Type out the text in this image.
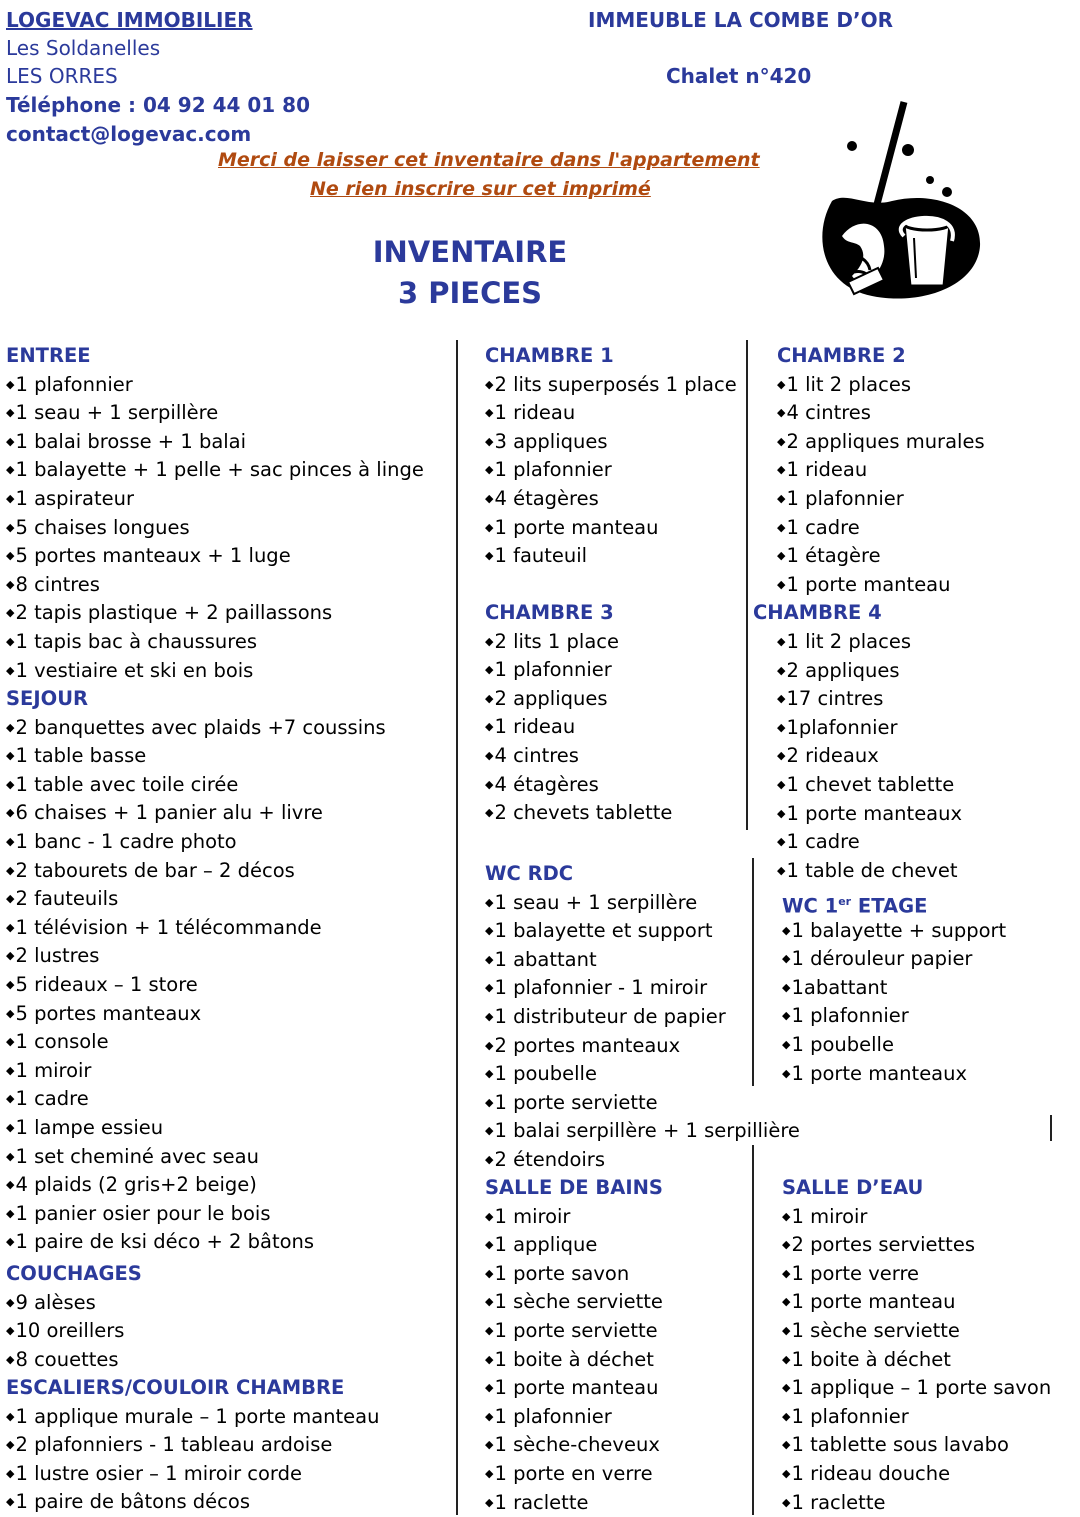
LOGEVAC IMMOBILIER
Les Soldanelles
LES ORRES
Téléphone : 04 92 44 01 80
contact@logevac.com
IMMEUBLE LA COMBE D’OR
Chalet n°420
Merci de laisser cet inventaire dans l'appartement
Ne rien inscrire sur cet imprimé
INVENTAIRE
3 PIECES
ENTREE
◆ 1 plafonnier
◆ 1 seau + 1 serpillère
◆ 1 balai brosse + 1 balai
◆ 1 balayette + 1 pelle + sac pinces à linge
◆ 1 aspirateur
◆ 5 chaises longues
◆ 5 portes manteaux + 1 luge
◆ 8 cintres
◆ 2 tapis plastique + 2 paillassons
◆ 1 tapis bac à chaussures
◆ 1 vestiaire et ski en bois
SEJOUR
◆ 2 banquettes avec plaids +7 coussins
◆ 1 table basse
◆ 1 table avec toile cirée
◆ 6 chaises + 1 panier alu + livre
◆ 1 banc - 1 cadre photo
◆ 2 tabourets de bar – 2 décos
◆ 2 fauteuils
◆ 1 télévision + 1 télécommande
◆ 2 lustres
◆ 5 rideaux – 1 store
◆ 5 portes manteaux
◆ 1 console
◆ 1 miroir
◆ 1 cadre
◆ 1 lampe essieu
◆ 1 set cheminé avec seau
◆ 4 plaids (2 gris+2 beige)
◆ 1 panier osier pour le bois
◆ 1 paire de ksi déco + 2 bâtons
COUCHAGES
◆ 9 alèses
◆ 10 oreillers
◆ 8 couettes
ESCALIERS/COULOIR CHAMBRE
◆ 1 applique murale – 1 porte manteau
◆ 2 plafonniers - 1 tableau ardoise
◆ 1 lustre osier – 1 miroir corde
◆ 1 paire de bâtons décos
CHAMBRE 1
◆ 2 lits superposés 1 place
◆ 1 rideau
◆ 3 appliques
◆ 1 plafonnier
◆ 4 étagères
◆ 1 porte manteau
◆ 1 fauteuil
CHAMBRE 3
◆ 2 lits 1 place
◆ 1 plafonnier
◆ 2 appliques
◆ 1 rideau
◆ 4 cintres
◆ 4 étagères
◆ 2 chevets tablette
WC RDC
◆ 1 seau + 1 serpillère
◆ 1 balayette et support
◆ 1 abattant
◆ 1 plafonnier - 1 miroir
◆ 1 distributeur de papier
◆ 2 portes manteaux
◆ 1 poubelle
◆ 1 porte serviette
◆ 1 balai serpillère + 1 serpillière
◆ 2 étendoirs
SALLE DE BAINS
◆ 1 miroir
◆ 1 applique
◆ 1 porte savon
◆ 1 sèche serviette
◆ 1 porte serviette
◆ 1 boite à déchet
◆ 1 porte manteau
◆ 1 plafonnier
◆ 1 sèche-cheveux
◆ 1 porte en verre
◆ 1 raclette
CHAMBRE 2
◆ 1 lit 2 places
◆ 4 cintres
◆ 2 appliques murales
◆ 1 rideau
◆ 1 plafonnier
◆ 1 cadre
◆ 1 étagère
◆ 1 porte manteau
CHAMBRE 4
◆ 1 lit 2 places
◆ 2 appliques
◆ 17 cintres
◆ 1plafonnier
◆ 2 rideaux
◆ 1 chevet tablette
◆ 1 porte manteaux
◆ 1 cadre
◆ 1 table de chevet
WC 1er ETAGE
◆ 1 balayette + support
◆ 1 dérouleur papier
◆ 1abattant
◆ 1 plafonnier
◆ 1 poubelle
◆ 1 porte manteaux
SALLE D’EAU
◆ 1 miroir
◆ 2 portes serviettes
◆ 1 porte verre
◆ 1 porte manteau
◆ 1 sèche serviette
◆ 1 boite à déchet
◆ 1 applique – 1 porte savon
◆ 1 plafonnier
◆ 1 tablette sous lavabo
◆ 1 rideau douche
◆ 1 raclette
